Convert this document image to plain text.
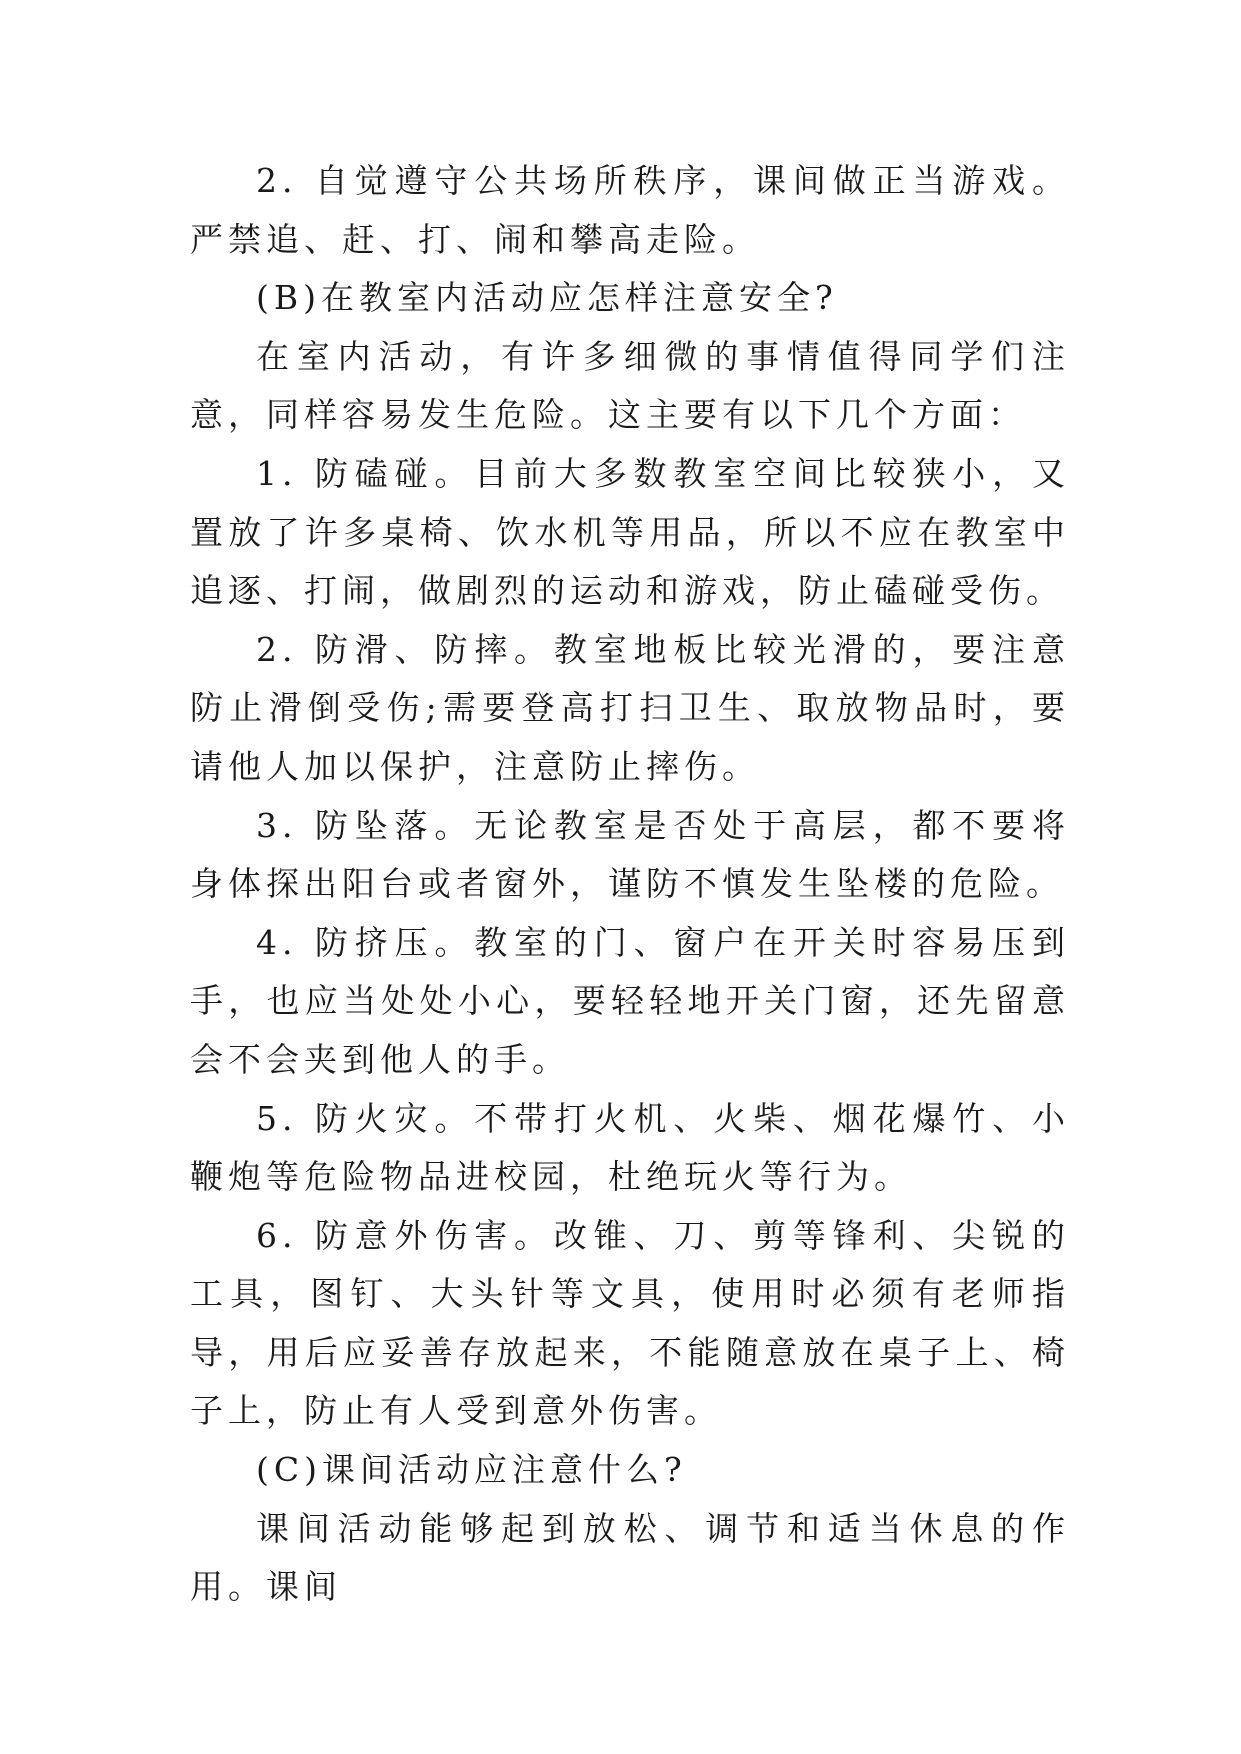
2. 自觉遵守公共场所秩序，课间做正当游戏。严禁追、赶、打、闹和攀高走险。

(B)在教室内活动应怎样注意安全?

在室内活动，有许多细微的事情值得同学们注意，同样容易发生危险。这主要有以下几个方面：

1. 防磕碰。目前大多数教室空间比较狭小，又置放了许多桌椅、饮水机等用品，所以不应在教室中追逐、打闹，做剧烈的运动和游戏，防止磕碰受伤。

2. 防滑、防摔。教室地板比较光滑的，要注意防止滑倒受伤;需要登高打扫卫生、取放物品时，要请他人加以保护，注意防止摔伤。

3. 防坠落。无论教室是否处于高层，都不要将身体探出阳台或者窗外，谨防不慎发生坠楼的危险。

4. 防挤压。教室的门、窗户在开关时容易压到手，也应当处处小心，要轻轻地开关门窗，还先留意会不会夹到他人的手。

5. 防火灾。不带打火机、火柴、烟花爆竹、小鞭炮等危险物品进校园，杜绝玩火等行为。

6. 防意外伤害。改锥、刀、剪等锋利、尖锐的工具，图钉、大头针等文具，使用时必须有老师指导，用后应妥善存放起来，不能随意放在桌子上、椅子上，防止有人受到意外伤害。

(C)课间活动应注意什么?

课间活动能够起到放松、调节和适当休息的作用。课间
